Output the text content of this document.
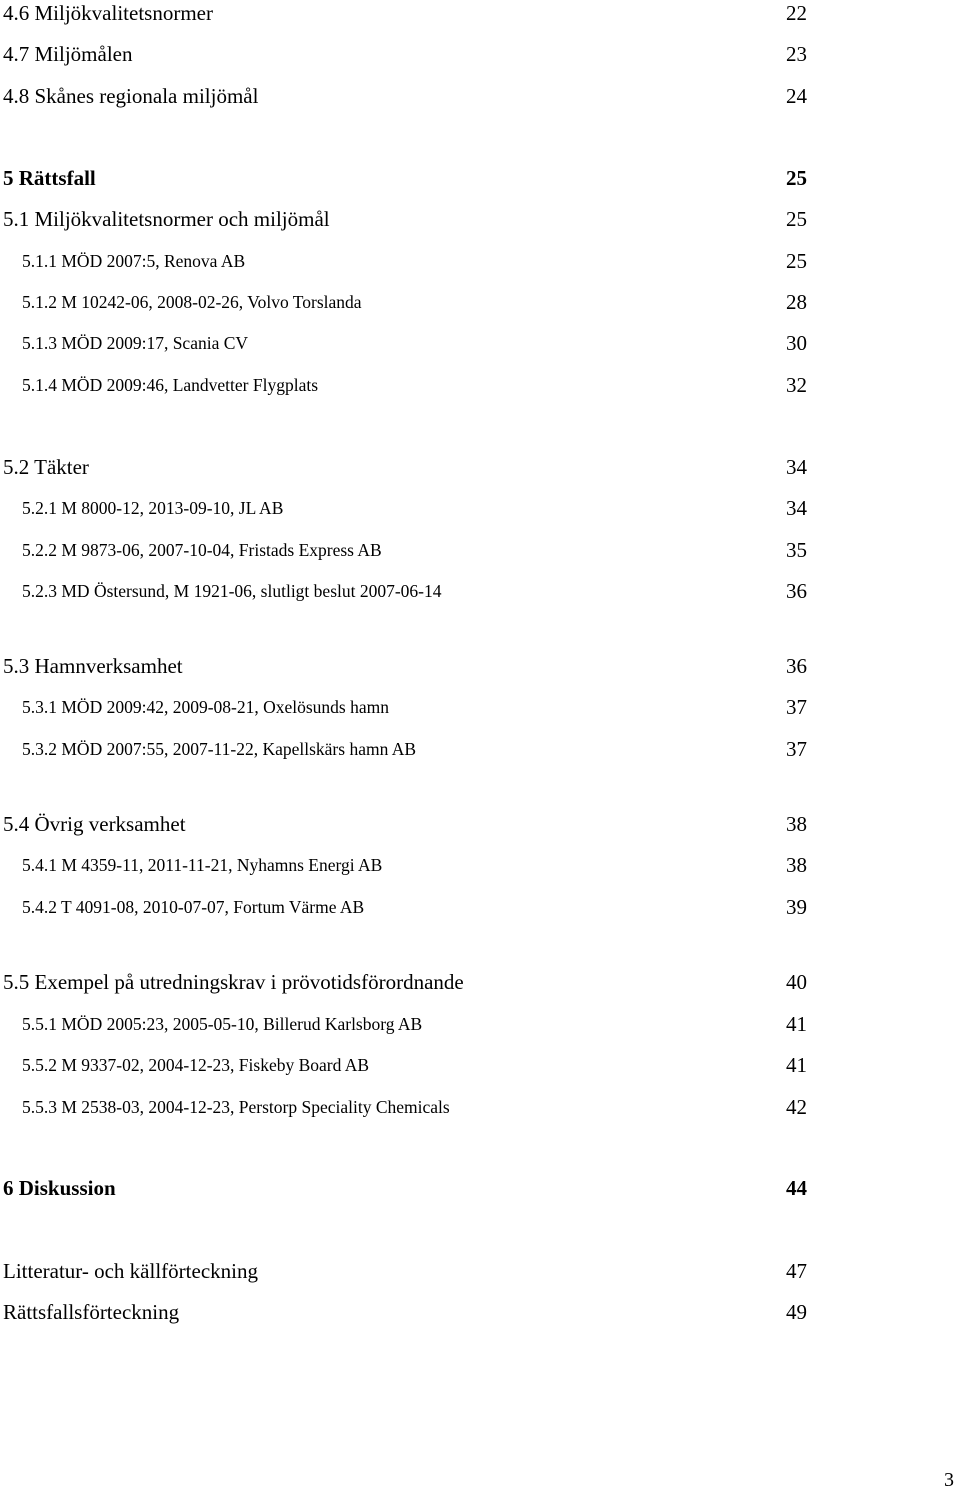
4.6 Miljökvalitetsnormer	22
4.7 Miljömålen	23
4.8 Skånes regionala miljömål	24
5 Rättsfall	25
5.1 Miljökvalitetsnormer och miljömål	25
5.1.1 MÖD 2007:5, Renova AB	25
5.1.2 M 10242-06, 2008-02-26, Volvo Torslanda	28
5.1.3 MÖD 2009:17, Scania CV	30
5.1.4 MÖD 2009:46, Landvetter Flygplats	32
5.2 Täkter	34
5.2.1 M 8000-12, 2013-09-10, JL AB	34
5.2.2 M 9873-06, 2007-10-04, Fristads Express AB	35
5.2.3 MD Östersund, M 1921-06, slutligt beslut 2007-06-14	36
5.3 Hamnverksamhet	36
5.3.1 MÖD 2009:42, 2009-08-21, Oxelösunds hamn	37
5.3.2 MÖD 2007:55, 2007-11-22, Kapellskärs hamn AB	37
5.4 Övrig verksamhet	38
5.4.1 M 4359-11, 2011-11-21, Nyhamns Energi AB	38
5.4.2 T 4091-08, 2010-07-07, Fortum Värme AB	39
5.5 Exempel på utredningskrav i prövotidsförordnande	40
5.5.1 MÖD 2005:23, 2005-05-10, Billerud Karlsborg AB	41
5.5.2 M 9337-02, 2004-12-23, Fiskeby Board AB	41
5.5.3 M 2538-03, 2004-12-23, Perstorp Speciality Chemicals	42
6 Diskussion	44
Litteratur- och källförteckning	47
Rättsfallsförteckning	49
3
